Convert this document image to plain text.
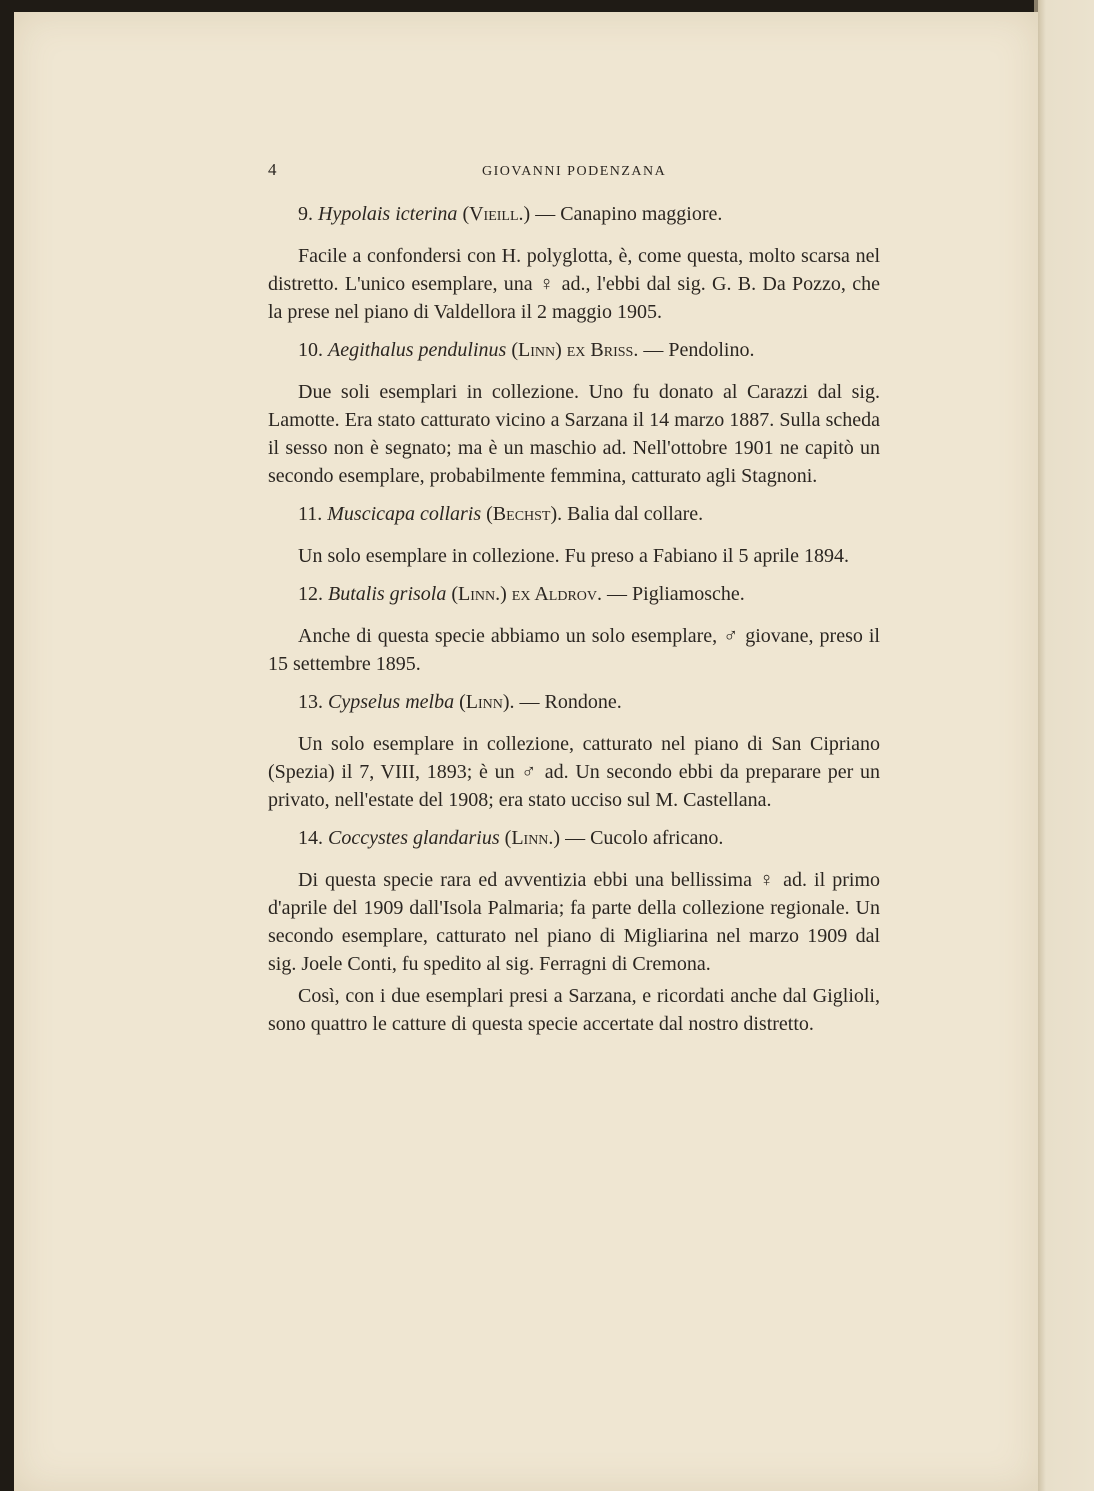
4	GIOVANNI PODENZANA
9. Hypolais icterina (Vieill.) — Canapino maggiore.

Facile a confondersi con H. polyglotta, è, come questa, molto scarsa nel distretto. L'unico esemplare, una ♀ ad., l'ebbi dal sig. G. B. Da Pozzo, che la prese nel piano di Valdellora il 2 maggio 1905.

10. Aegithalus pendulinus (Linn) ex Briss. — Pendolino.

Due soli esemplari in collezione. Uno fu donato al Carazzi dal sig. Lamotte. Era stato catturato vicino a Sarzana il 14 marzo 1887. Sulla scheda il sesso non è segnato; ma è un maschio ad. Nell'ottobre 1901 ne capitò un secondo esemplare, probabilmente femmina, catturato agli Stagnoni.

11. Muscicapa collaris (Bechst). Balia dal collare.

Un solo esemplare in collezione. Fu preso a Fabiano il 5 aprile 1894.

12. Butalis grisola (Linn.) ex Aldrov. — Pigliamosche.

Anche di questa specie abbiamo un solo esemplare, ♂ giovane, preso il 15 settembre 1895.

13. Cypselus melba (Linn). — Rondone.

Un solo esemplare in collezione, catturato nel piano di San Cipriano (Spezia) il 7, VIII, 1893; è un ♂ ad. Un secondo ebbi da preparare per un privato, nell'estate del 1908; era stato ucciso sul M. Castellana.

14. Coccystes glandarius (Linn.) — Cucolo africano.

Di questa specie rara ed avventizia ebbi una bellissima ♀ ad. il primo d'aprile del 1909 dall'Isola Palmaria; fa parte della collezione regionale. Un secondo esemplare, catturato nel piano di Migliarina nel marzo 1909 dal sig. Joele Conti, fu spedito al sig. Ferragni di Cremona.

Così, con i due esemplari presi a Sarzana, e ricordati anche dal Giglioli, sono quattro le catture di questa specie accertate dal nostro distretto.
